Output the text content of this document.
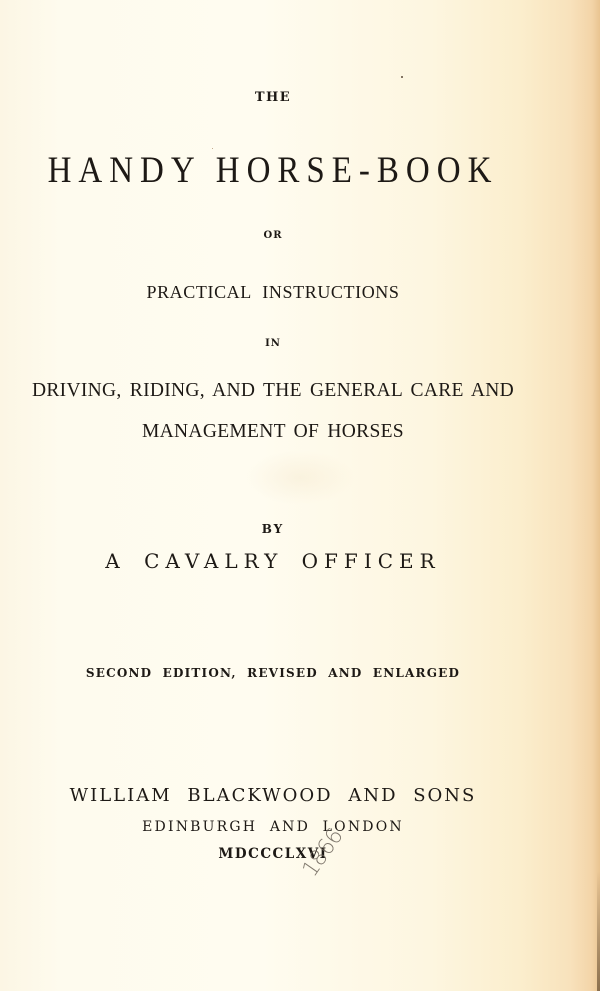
THE
HANDY HORSE-BOOK
OR
PRACTICAL INSTRUCTIONS
IN
DRIVING, RIDING, AND THE GENERAL CARE AND
MANAGEMENT OF HORSES
BY
A CAVALRY OFFICER
SECOND EDITION, REVISED AND ENLARGED
WILLIAM BLACKWOOD AND SONS
EDINBURGH AND LONDON
MDCCCLXVI
1866
